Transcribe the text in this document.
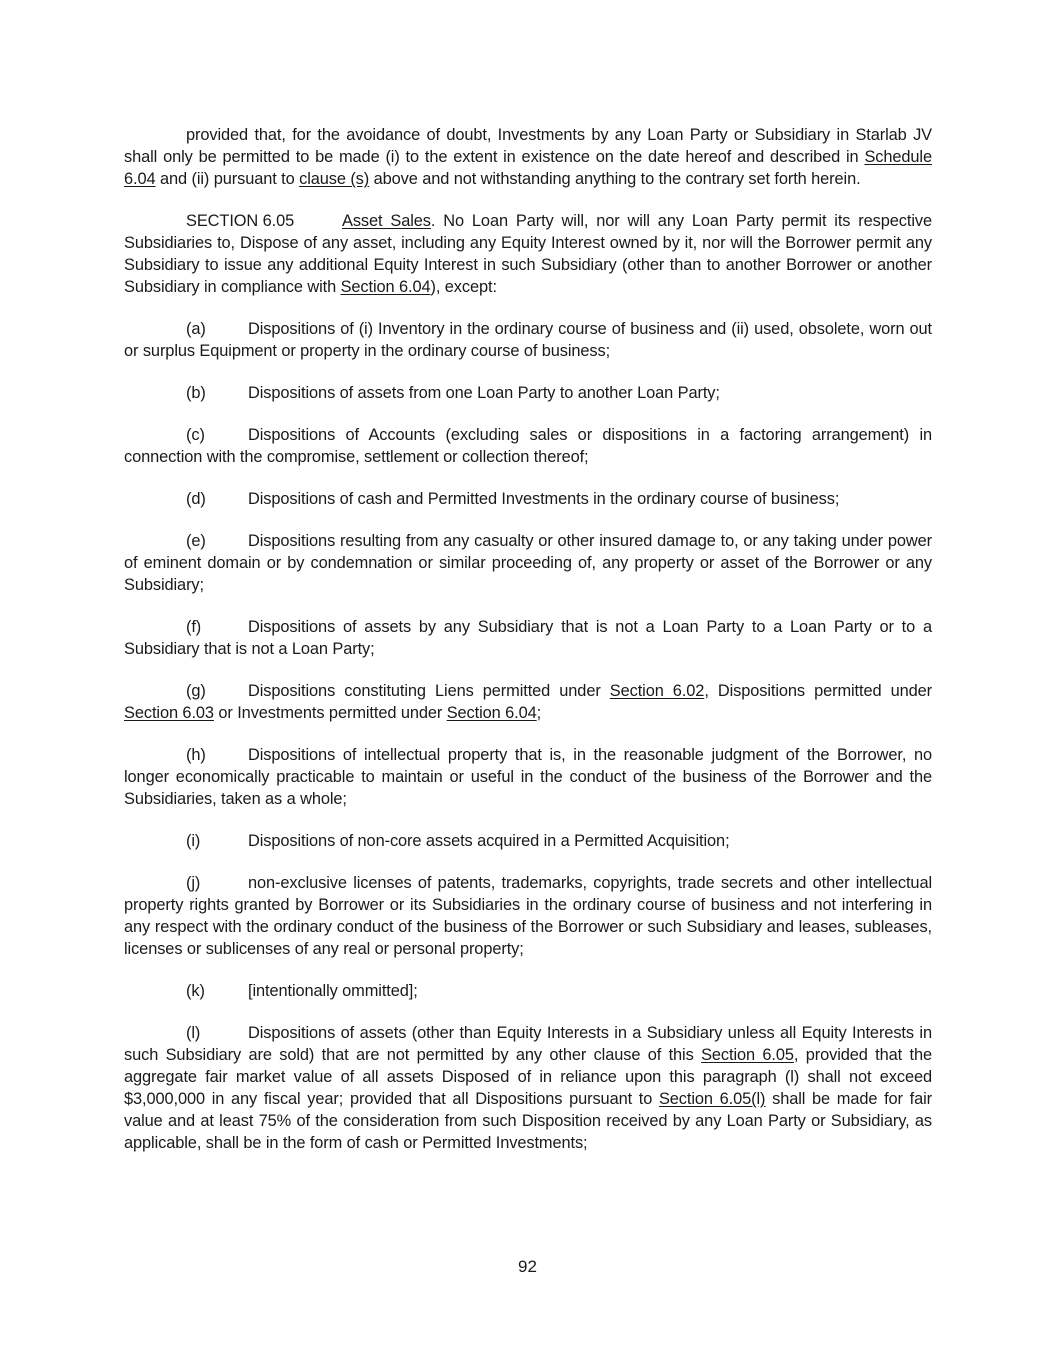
provided that, for the avoidance of doubt, Investments by any Loan Party or Subsidiary in Starlab JV shall only be permitted to be made (i) to the extent in existence on the date hereof and described in Schedule 6.04 and (ii) pursuant to clause (s) above and not withstanding anything to the contrary set forth herein.

SECTION 6.05	Asset Sales. No Loan Party will, nor will any Loan Party permit its respective Subsidiaries to, Dispose of any asset, including any Equity Interest owned by it, nor will the Borrower permit any Subsidiary to issue any additional Equity Interest in such Subsidiary (other than to another Borrower or another Subsidiary in compliance with Section 6.04), except:

(a)	Dispositions of (i) Inventory in the ordinary course of business and (ii) used, obsolete, worn out or surplus Equipment or property in the ordinary course of business;

(b)	Dispositions of assets from one Loan Party to another Loan Party;

(c)	Dispositions of Accounts (excluding sales or dispositions in a factoring arrangement) in connection with the compromise, settlement or collection thereof;

(d)	Dispositions of cash and Permitted Investments in the ordinary course of business;

(e)	Dispositions resulting from any casualty or other insured damage to, or any taking under power of eminent domain or by condemnation or similar proceeding of, any property or asset of the Borrower or any Subsidiary;

(f)	Dispositions of assets by any Subsidiary that is not a Loan Party to a Loan Party or to a Subsidiary that is not a Loan Party;

(g)	Dispositions constituting Liens permitted under Section 6.02, Dispositions permitted under Section 6.03 or Investments permitted under Section 6.04;

(h)	Dispositions of intellectual property that is, in the reasonable judgment of the Borrower, no longer economically practicable to maintain or useful in the conduct of the business of the Borrower and the Subsidiaries, taken as a whole;

(i)	Dispositions of non-core assets acquired in a Permitted Acquisition;

(j)	non-exclusive licenses of patents, trademarks, copyrights, trade secrets and other intellectual property rights granted by Borrower or its Subsidiaries in the ordinary course of business and not interfering in any respect with the ordinary conduct of the business of the Borrower or such Subsidiary and leases, subleases, licenses or sublicenses of any real or personal property;

(k)	[intentionally ommitted];

(l)	Dispositions of assets (other than Equity Interests in a Subsidiary unless all Equity Interests in such Subsidiary are sold) that are not permitted by any other clause of this Section 6.05, provided that the aggregate fair market value of all assets Disposed of in reliance upon this paragraph (l) shall not exceed $3,000,000 in any fiscal year; provided that all Dispositions pursuant to Section 6.05(l) shall be made for fair value and at least 75% of the consideration from such Disposition received by any Loan Party or Subsidiary, as applicable, shall be in the form of cash or Permitted Investments;

92
